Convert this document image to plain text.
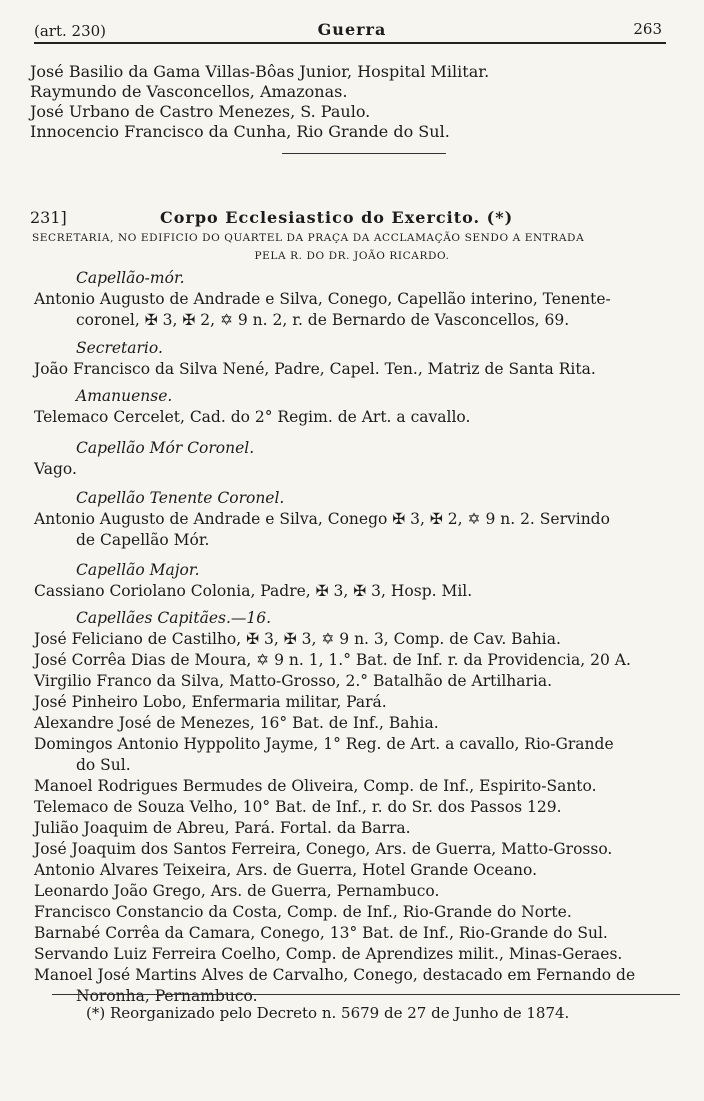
(art. 230)	Guerra	263
José Basilio da Gama Villas-Bôas Junior, Hospital Militar.
Raymundo de Vasconcellos, Amazonas.
José Urbano de Castro Menezes, S. Paulo.
Innocencio Francisco da Cunha, Rio Grande do Sul.
231]	Corpo Ecclesiastico do Exercito. (*)
SECRETARIA, NO EDIFICIO DO QUARTEL DA PRAÇA DA ACCLAMAÇÃO SENDO A ENTRADA
PELA R. DO DR. JOÃO RICARDO.
Capellão-mór.
Antonio Augusto de Andrade e Silva, Conego, Capellão interino, Tenente-
coronel, ✠ 3, ✠ 2, ✡ 9 n. 2, r. de Bernardo de Vasconcellos, 69.
Secretario.
João Francisco da Silva Nené, Padre, Capel. Ten., Matriz de Santa Rita.
Amanuense.
Telemaco Cercelet, Cad. do 2° Regim. de Art. a cavallo.
Capellão Mór Coronel.
Vago.
Capellão Tenente Coronel.
Antonio Augusto de Andrade e Silva, Conego ✠ 3, ✠ 2, ✡ 9 n. 2. Servindo
de Capellão Mór.
Capellão Major.
Cassiano Coriolano Colonia, Padre, ✠ 3, ✠ 3, Hosp. Mil.
Capellães Capitães.—16.
José Feliciano de Castilho, ✠ 3, ✠ 3, ✡ 9 n. 3, Comp. de Cav. Bahia.
José Corrêa Dias de Moura, ✡ 9 n. 1, 1.° Bat. de Inf. r. da Providencia, 20 A.
Virgilio Franco da Silva, Matto-Grosso, 2.° Batalhão de Artilharia.
José Pinheiro Lobo, Enfermaria militar, Pará.
Alexandre José de Menezes, 16° Bat. de Inf., Bahia.
Domingos Antonio Hyppolito Jayme, 1° Reg. de Art. a cavallo, Rio-Grande
do Sul.
Manoel Rodrigues Bermudes de Oliveira, Comp. de Inf., Espirito-Santo.
Telemaco de Souza Velho, 10° Bat. de Inf., r. do Sr. dos Passos 129.
Julião Joaquim de Abreu, Pará. Fortal. da Barra.
José Joaquim dos Santos Ferreira, Conego, Ars. de Guerra, Matto-Grosso.
Antonio Alvares Teixeira, Ars. de Guerra, Hotel Grande Oceano.
Leonardo João Grego, Ars. de Guerra, Pernambuco.
Francisco Constancio da Costa, Comp. de Inf., Rio-Grande do Norte.
Barnabé Corrêa da Camara, Conego, 13° Bat. de Inf., Rio-Grande do Sul.
Servando Luiz Ferreira Coelho, Comp. de Aprendizes milit., Minas-Geraes.
Manoel José Martins Alves de Carvalho, Conego, destacado em Fernando de
Noronha, Pernambuco.
(*) Reorganizado pelo Decreto n. 5679 de 27 de Junho de 1874.
